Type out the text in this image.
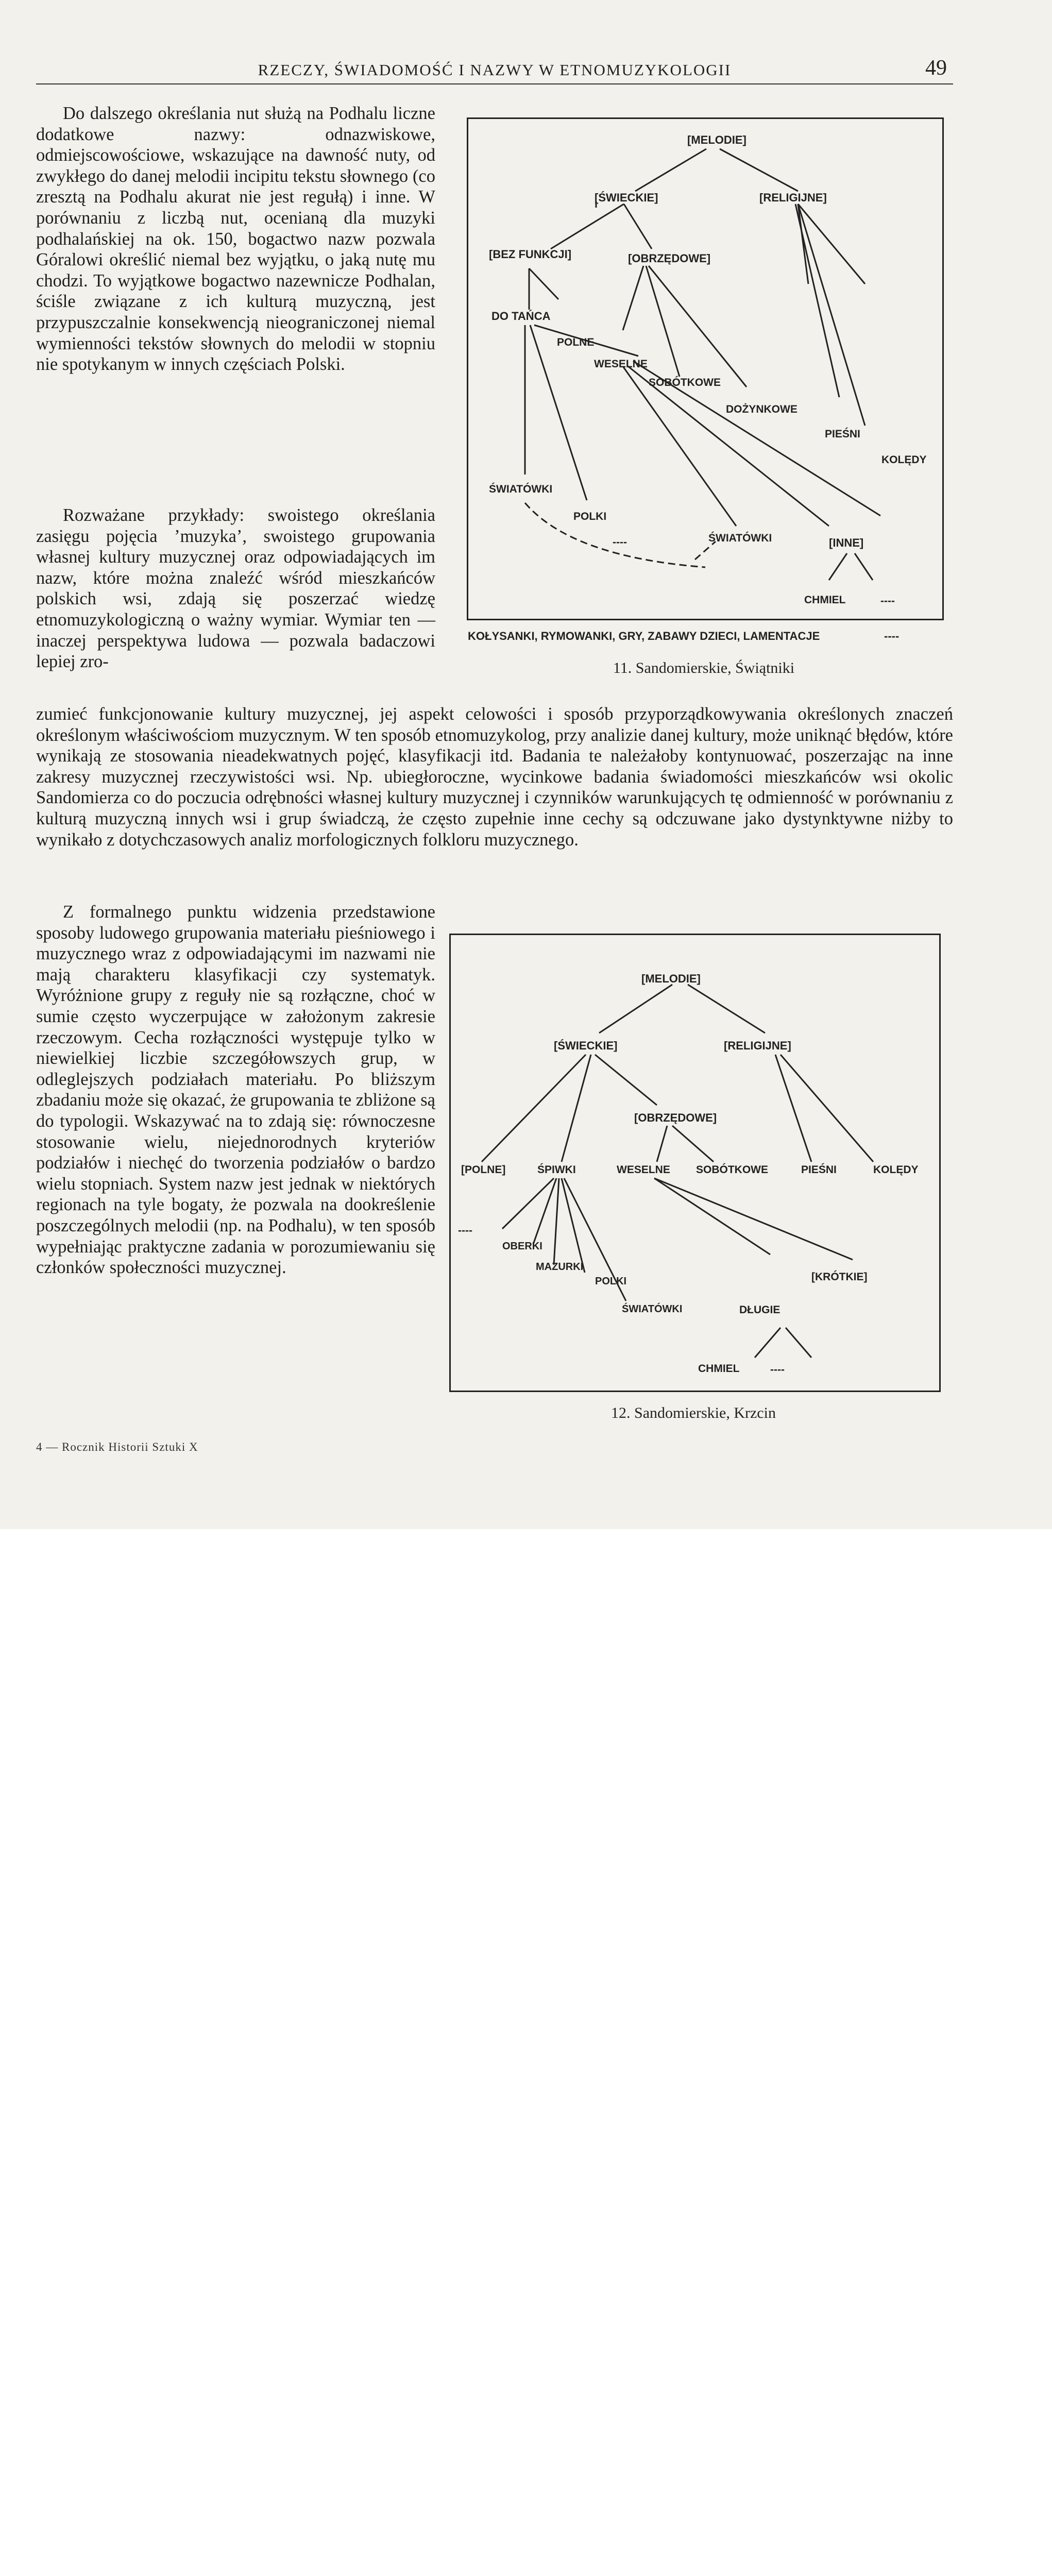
RZECZY, ŚWIADOMOŚĆ I NAZWY W ETNOMUZYKOLOGII	49

Do dalszego określania nut służą na Podhalu liczne dodatkowe nazwy: odnazwiskowe, odmiejscowościowe, wskazujące na dawność nuty, od zwykłego do danej melodii incipitu tekstu słownego (co zresztą na Podhalu akurat nie jest regułą) i inne. W porównaniu z liczbą nut, ocenianą dla muzyki podhalańskiej na ok. 150, bogactwo nazw pozwala Góralowi określić niemal bez wyjątku, o jaką nutę mu chodzi. To wyjątkowe bogactwo nazewnicze Podhalan, ściśle związane z ich kulturą muzyczną, jest przypuszczalnie konsekwencją nieograniczonej niemal wymienności tekstów słownych do melodii w stopniu nie spotykanym w innych częściach Polski.

Rozważane przykłady: swoistego określania zasięgu pojęcia ’muzyka’, swoistego grupowania własnej kultury muzycznej oraz odpowiadających im nazw, które można znaleźć wśród mieszkańców polskich wsi, zdają się poszerzać wiedzę etnomuzykologiczną o ważny wymiar. Wymiar ten — inaczej perspektywa ludowa — pozwala badaczowi lepiej zro-

zumieć funkcjonowanie kultury muzycznej, jej aspekt celowości i sposób przyporządkowywania określonych znaczeń określonym właściwościom muzycznym. W ten sposób etnomuzykolog, przy analizie danej kultury, może uniknąć błędów, które wynikają ze stosowania nieadekwatnych pojęć, klasyfikacji itd. Badania te należałoby kontynuować, poszerzając na inne zakresy muzycznej rzeczywistości wsi. Np. ubiegłoroczne, wycinkowe badania świadomości mieszkańców wsi okolic Sandomierza co do poczucia odrębności własnej kultury muzycznej i czynników warunkujących tę odmienność w porównaniu z kulturą muzyczną innych wsi i grup świadczą, że często zupełnie inne cechy są odczuwane jako dystynktywne niżby to wynikało z dotychczasowych analiz morfologicznych folkloru muzycznego.

Z formalnego punktu widzenia przedstawione sposoby ludowego grupowania materiału pieśniowego i muzycznego wraz z odpowiadającymi im nazwami nie mają charakteru klasyfikacji czy systematyk. Wyróżnione grupy z reguły nie są rozłączne, choć w sumie często wyczerpujące w założonym zakresie rzeczowym. Cecha rozłączności występuje tylko w niewielkiej liczbie szczegółowszych grup, w odleglejszych podziałach materiału. Po bliższym zbadaniu może się okazać, że grupowania te zbliżone są do typologii. Wskazywać na to zdają się: równoczesne stosowanie wielu, niejednorodnych kryteriów podziałów i niechęć do tworzenia podziałów o bardzo wielu stopniach. System nazw jest jednak w niektórych regionach na tyle bogaty, że pozwala na dookreślenie poszczególnych melodii (np. na Podhalu), w ten sposób wypełniając praktyczne zadania w porozumiewaniu się członków społeczności muzycznej.

[MELODIE]
[ŚWIECKIE]	[RELIGIJNE]
[BEZ FUNKCJI]	[OBRZĘDOWE]
DO TAŃCA
POLNE
WESELNE
SOBÓTKOWE
DOŻYNKOWE
PIEŚNI
KOLĘDY
ŚWIATÓWKI
POLKI
----	ŚWIATÓWKI	[INNE]
CHMIEL	----
KOŁYSANKI, RYMOWANKI, GRY, ZABAWY DZIECI, LAMENTACJE	----
11. Sandomierskie, Świątniki
[MELODIE]
[ŚWIECKIE]	[RELIGIJNE]
[OBRZĘDOWE]
[POLNE]	ŚPIWKI	WESELNE SOBÓTKOWE	PIEŚNI	KOLĘDY
----
OBERKI
MAZURKI
POLKI
ŚWIATÓWKI	DŁUGIE
[KRÓTKIE]
CHMIEL	----
12. Sandomierskie, Krzcin
4 — Rocznik Historii Sztuki X
